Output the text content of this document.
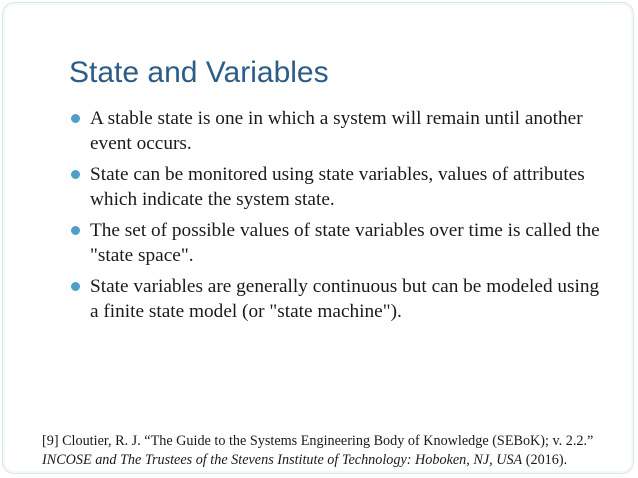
State and Variables
A stable state is one in which a system will remain until another event occurs.
State can be monitored using state variables, values of attributes which indicate the system state.
The set of possible values of state variables over time is called the "state space".
State variables are generally continuous but can be modeled using a finite state model (or "state machine").

[9] Cloutier, R. J. “The Guide to the Systems Engineering Body of Knowledge (SEBoK); v. 2.2.” INCOSE and The Trustees of the Stevens Institute of Technology: Hoboken, NJ, USA (2016).
